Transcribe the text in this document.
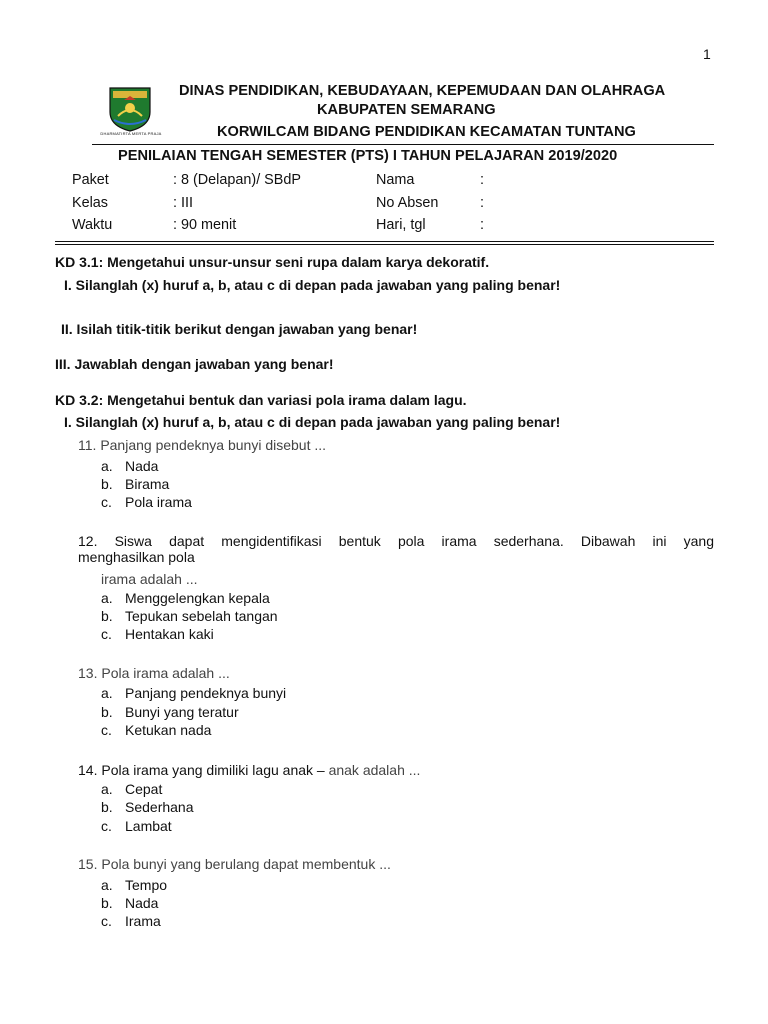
1
DHARMATIRTA MERTA PRAJA
DINAS PENDIDIKAN, KEBUDAYAAN, KEPEMUDAAN DAN OLAHRAGA
KABUPATEN SEMARANG
KORWILCAM BIDANG PENDIDIKAN KECAMATAN TUNTANG
PENILAIAN TENGAH SEMESTER (PTS) I TAHUN PELAJARAN 2019/2020
Paket	: 8 (Delapan)/ SBdP
Kelas	: III
Waktu	: 90 menit
Nama	:
No Absen	:
Hari, tgl	:
KD 3.1: Mengetahui unsur-unsur seni rupa dalam karya dekoratif.
I. Silanglah (x) huruf a, b, atau c di depan pada jawaban yang paling benar!
II. Isilah titik-titik berikut dengan jawaban yang benar!
III. Jawablah dengan jawaban yang benar!
KD 3.2: Mengetahui bentuk dan variasi pola irama dalam lagu.
I. Silanglah (x) huruf a, b, atau c di depan pada jawaban yang paling benar!
11. Panjang pendeknya bunyi disebut ...
a. Nada
b. Birama
c. Pola irama
12. Siswa dapat mengidentifikasi bentuk pola irama sederhana. Dibawah ini yang
menghasilkan pola
irama adalah ...
a. Menggelengkan kepala
b. Tepukan sebelah tangan
c. Hentakan kaki
13. Pola irama adalah ...
a. Panjang pendeknya bunyi
b. Bunyi yang teratur
c. Ketukan nada
14. Pola irama yang dimiliki lagu anak – anak adalah ...
a. Cepat
b. Sederhana
c. Lambat
15. Pola bunyi yang berulang dapat membentuk ...
a. Tempo
b. Nada
c. Irama
